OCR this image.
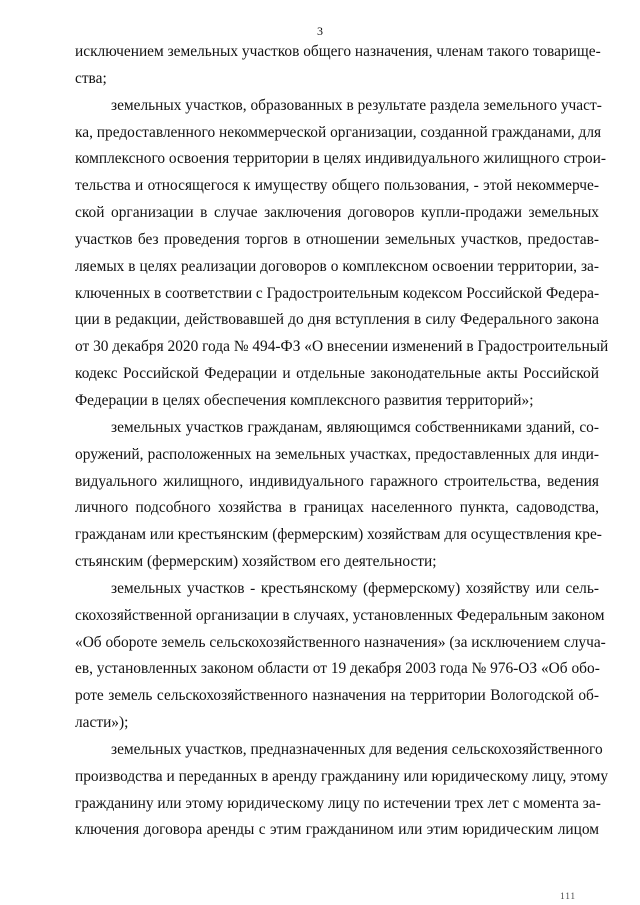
3
исключением земельных участков общего назначения, членам такого товарище-
ства;
земельных участков, образованных в результате раздела земельного участ-
ка, предоставленного некоммерческой организации, созданной гражданами, для
комплексного освоения территории в целях индивидуального жилищного строи-
тельства и относящегося к имуществу общего пользования, - этой некоммерче-
ской организации в случае заключения договоров купли-продажи земельных
участков без проведения торгов в отношении земельных участков, предостав-
ляемых в целях реализации договоров о комплексном освоении территории, за-
ключенных в соответствии с Градостроительным кодексом Российской Федера-
ции в редакции, действовавшей до дня вступления в силу Федерального закона
от 30 декабря 2020 года № 494-ФЗ «О внесении изменений в Градостроительный
кодекс Российской Федерации и отдельные законодательные акты Российской
Федерации в целях обеспечения комплексного развития территорий»;
земельных участков гражданам, являющимся собственниками зданий, со-
оружений, расположенных на земельных участках, предоставленных для инди-
видуального жилищного, индивидуального гаражного строительства, ведения
личного подсобного хозяйства в границах населенного пункта, садоводства,
гражданам или крестьянским (фермерским) хозяйствам для осуществления кре-
стьянским (фермерским) хозяйством его деятельности;
земельных участков - крестьянскому (фермерскому) хозяйству или сель-
скохозяйственной организации в случаях, установленных Федеральным законом
«Об обороте земель сельскохозяйственного назначения» (за исключением случа-
ев, установленных законом области от 19 декабря 2003 года № 976-ОЗ «Об обо-
роте земель сельскохозяйственного назначения на территории Вологодской об-
ласти»);
земельных участков, предназначенных для ведения сельскохозяйственного
производства и переданных в аренду гражданину или юридическому лицу, этому
гражданину или этому юридическому лицу по истечении трех лет с момента за-
ключения договора аренды с этим гражданином или этим юридическим лицом
111
